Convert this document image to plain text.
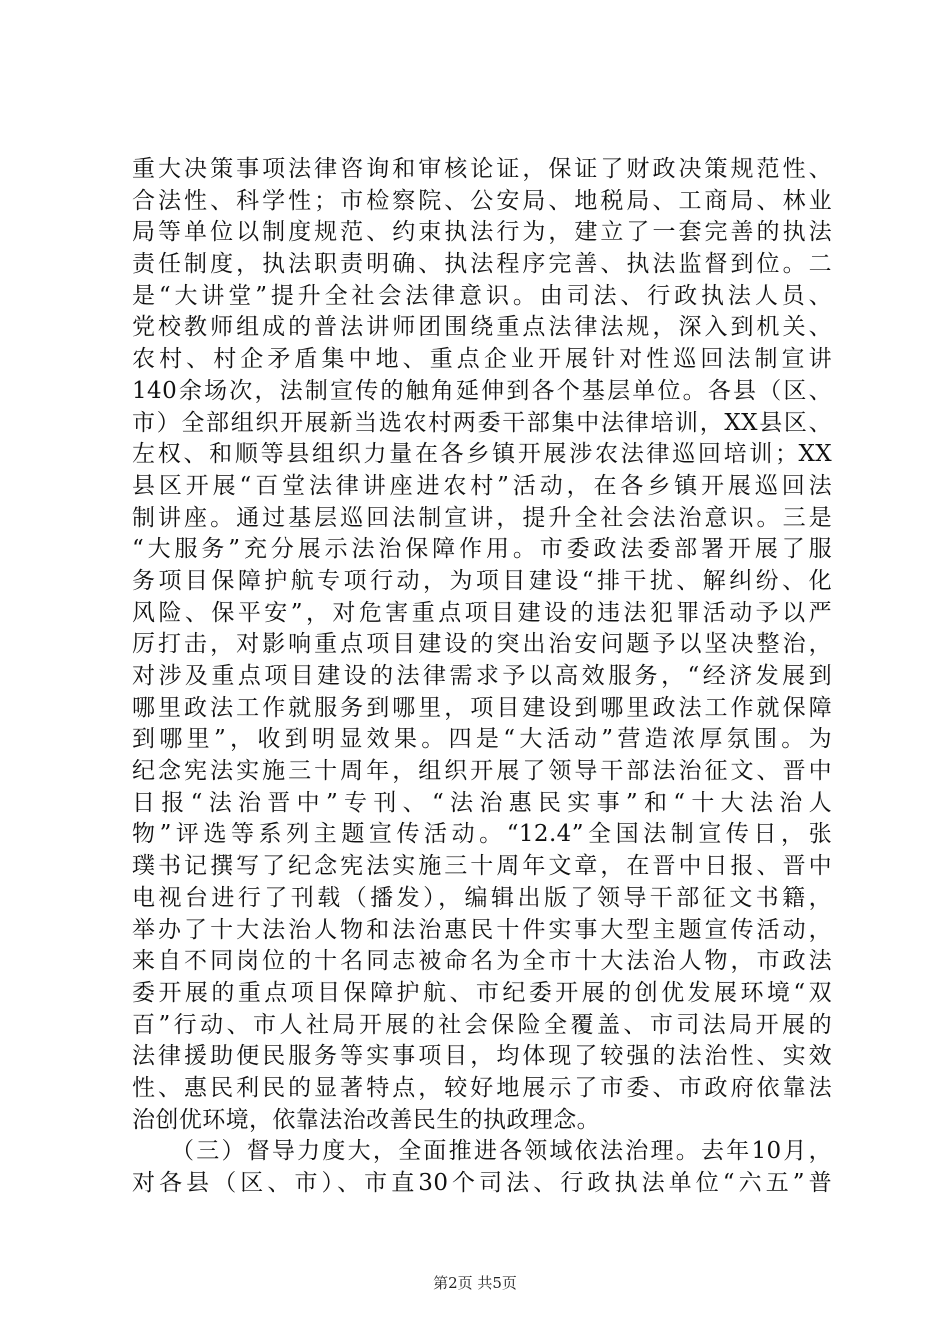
重大决策事项法律咨询和审核论证，保证了财政决策规范性、
合法性、科学性；市检察院、公安局、地税局、工商局、林业
局等单位以制度规范、约束执法行为，建立了一套完善的执法
责任制度，执法职责明确、执法程序完善、执法监督到位。二
是“大讲堂”提升全社会法律意识。由司法、行政执法人员、
党校教师组成的普法讲师团围绕重点法律法规，深入到机关、
农村、村企矛盾集中地、重点企业开展针对性巡回法制宣讲
140余场次，法制宣传的触角延伸到各个基层单位。各县（区、
市）全部组织开展新当选农村两委干部集中法律培训，XX县区、
左权、和顺等县组织力量在各乡镇开展涉农法律巡回培训；XX
县区开展“百堂法律讲座进农村”活动，在各乡镇开展巡回法
制讲座。通过基层巡回法制宣讲，提升全社会法治意识。三是
“大服务”充分展示法治保障作用。市委政法委部署开展了服
务项目保障护航专项行动，为项目建设“排干扰、解纠纷、化
风险、保平安”，对危害重点项目建设的违法犯罪活动予以严
厉打击，对影响重点项目建设的突出治安问题予以坚决整治，
对涉及重点项目建设的法律需求予以高效服务，“经济发展到
哪里政法工作就服务到哪里，项目建设到哪里政法工作就保障
到哪里”，收到明显效果。四是“大活动”营造浓厚氛围。为
纪念宪法实施三十周年，组织开展了领导干部法治征文、晋中
日报“法治晋中”专刊、“法治惠民实事”和“十大法治人
物”评选等系列主题宣传活动。“12.4”全国法制宣传日，张
璞书记撰写了纪念宪法实施三十周年文章，在晋中日报、晋中
电视台进行了刊载（播发），编辑出版了领导干部征文书籍，
举办了十大法治人物和法治惠民十件实事大型主题宣传活动，
来自不同岗位的十名同志被命名为全市十大法治人物，市政法
委开展的重点项目保障护航、市纪委开展的创优发展环境“双
百”行动、市人社局开展的社会保险全覆盖、市司法局开展的
法律援助便民服务等实事项目，均体现了较强的法治性、实效
性、惠民利民的显著特点，较好地展示了市委、市政府依靠法
治创优环境，依靠法治改善民生的执政理念。
　　（三）督导力度大，全面推进各领域依法治理。去年10月，
对各县（区、市）、市直30个司法、行政执法单位“六五”普
第2页 共5页
